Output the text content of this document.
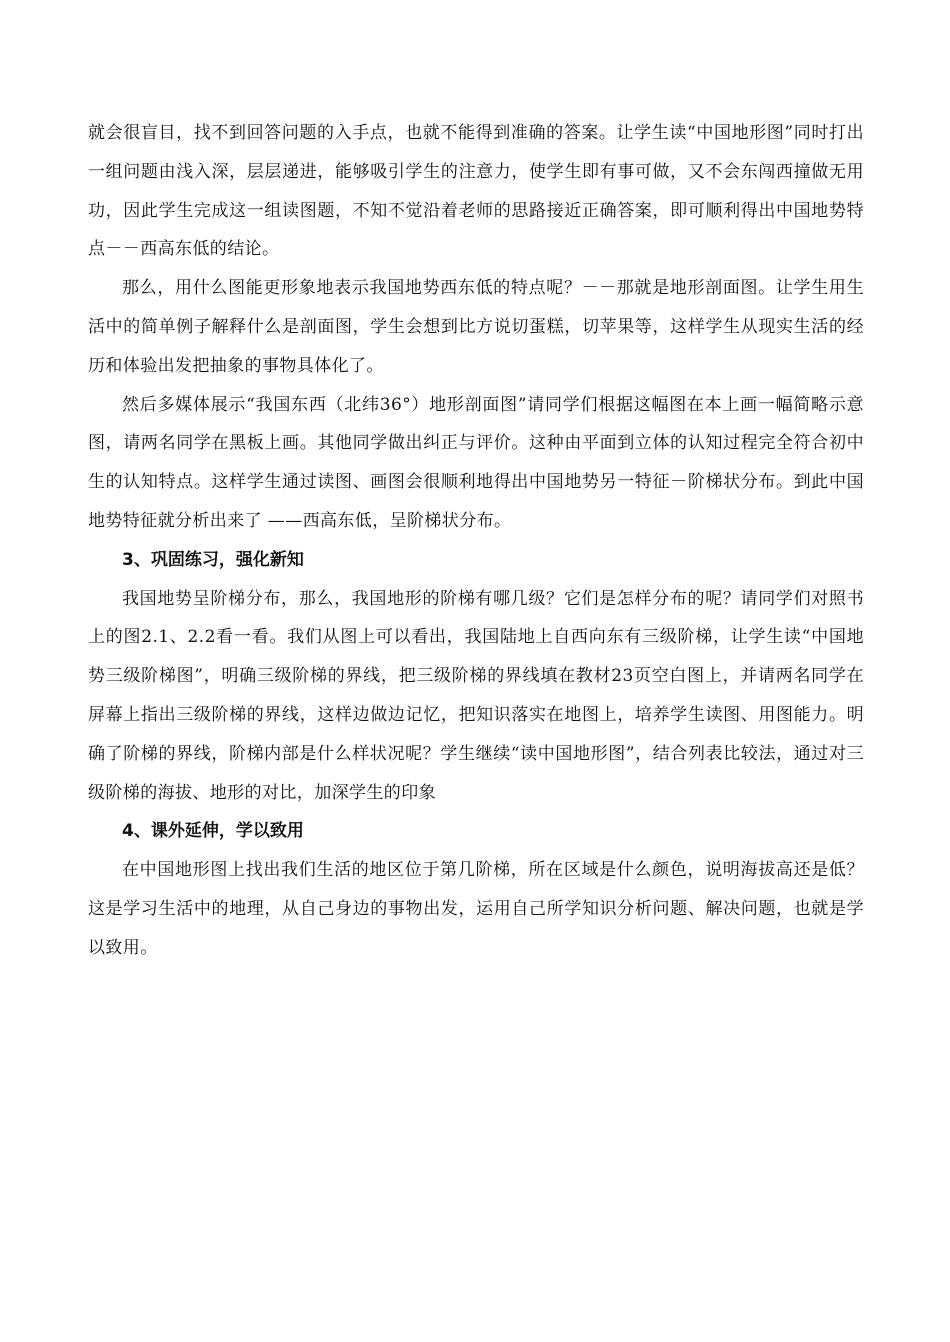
就会很盲目，找不到回答问题的入手点，也就不能得到准确的答案。让学生读“中国地形图”同时打出一组问题由浅入深，层层递进，能够吸引学生的注意力，使学生即有事可做，又不会东闯西撞做无用功，因此学生完成这一组读图题，不知不觉沿着老师的思路接近正确答案，即可顺利得出中国地势特点－－西高东低的结论。

那么，用什么图能更形象地表示我国地势西东低的特点呢？－－那就是地形剖面图。让学生用生活中的简单例子解释什么是剖面图，学生会想到比方说切蛋糕，切苹果等，这样学生从现实生活的经历和体验出发把抽象的事物具体化了。

然后多媒体展示“我国东西（北纬36°）地形剖面图”请同学们根据这幅图在本上画一幅简略示意图，请两名同学在黑板上画。其他同学做出纠正与评价。这种由平面到立体的认知过程完全符合初中生的认知特点。这样学生通过读图、画图会很顺利地得出中国地势另一特征－阶梯状分布。到此中国地势特征就分析出来了 ——西高东低，呈阶梯状分布。

3、巩固练习，强化新知

我国地势呈阶梯分布，那么，我国地形的阶梯有哪几级？它们是怎样分布的呢？请同学们对照书上的图2.1、2.2看一看。我们从图上可以看出，我国陆地上自西向东有三级阶梯，让学生读“中国地势三级阶梯图”，明确三级阶梯的界线，把三级阶梯的界线填在教材23页空白图上，并请两名同学在屏幕上指出三级阶梯的界线，这样边做边记忆，把知识落实在地图上，培养学生读图、用图能力。明确了阶梯的界线，阶梯内部是什么样状况呢？学生继续“读中国地形图”，结合列表比较法，通过对三级阶梯的海拔、地形的对比，加深学生的印象

4、课外延伸，学以致用

在中国地形图上找出我们生活的地区位于第几阶梯，所在区域是什么颜色，说明海拔高还是低？这是学习生活中的地理，从自己身边的事物出发，运用自己所学知识分析问题、解决问题，也就是学以致用。
